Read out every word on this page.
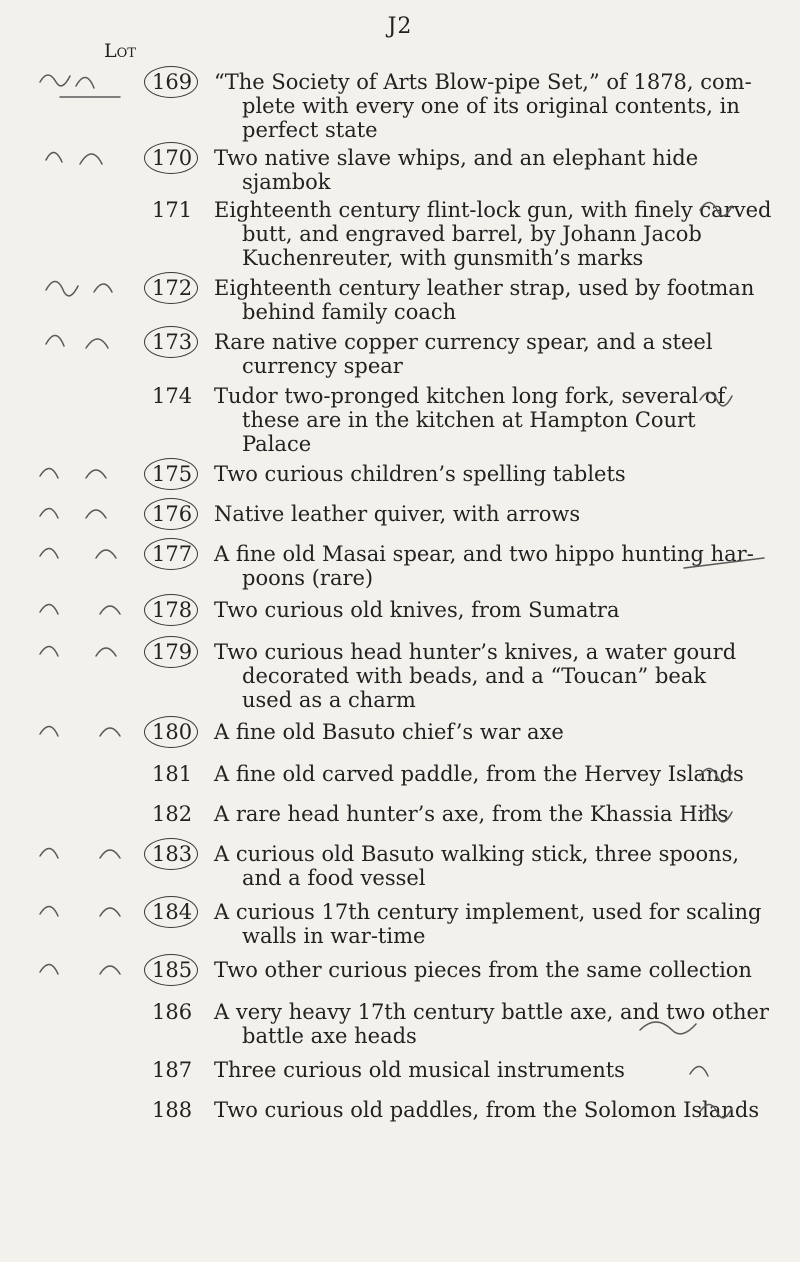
J2
Lot
169	“The Society of Arts Blow-pipe Set,” of 1878, com-
plete with every one of its original contents, in
perfect state
170	Two native slave whips, and an elephant hide
sjambok
171	Eighteenth century flint-lock gun, with finely carved
butt, and engraved barrel, by Johann Jacob
Kuchenreuter, with gunsmith’s marks
172	Eighteenth century leather strap, used by footman
behind family coach
173	Rare native copper currency spear, and a steel
currency spear
174	Tudor two-pronged kitchen long fork, several of
these are in the kitchen at Hampton Court
Palace
175	Two curious children’s spelling tablets
176	Native leather quiver, with arrows
177	A fine old Masai spear, and two hippo hunting har-
poons (rare)
178	Two curious old knives, from Sumatra
179	Two curious head hunter’s knives, a water gourd
decorated with beads, and a “Toucan” beak
used as a charm
180	A fine old Basuto chief’s war axe
181	A fine old carved paddle, from the Hervey Islands
182	A rare head hunter’s axe, from the Khassia Hills
183	A curious old Basuto walking stick, three spoons,
and a food vessel
184	A curious 17th century implement, used for scaling
walls in war-time
185	Two other curious pieces from the same collection
186	A very heavy 17th century battle axe, and two other
battle axe heads
187	Three curious old musical instruments
188	Two curious old paddles, from the Solomon Islands
